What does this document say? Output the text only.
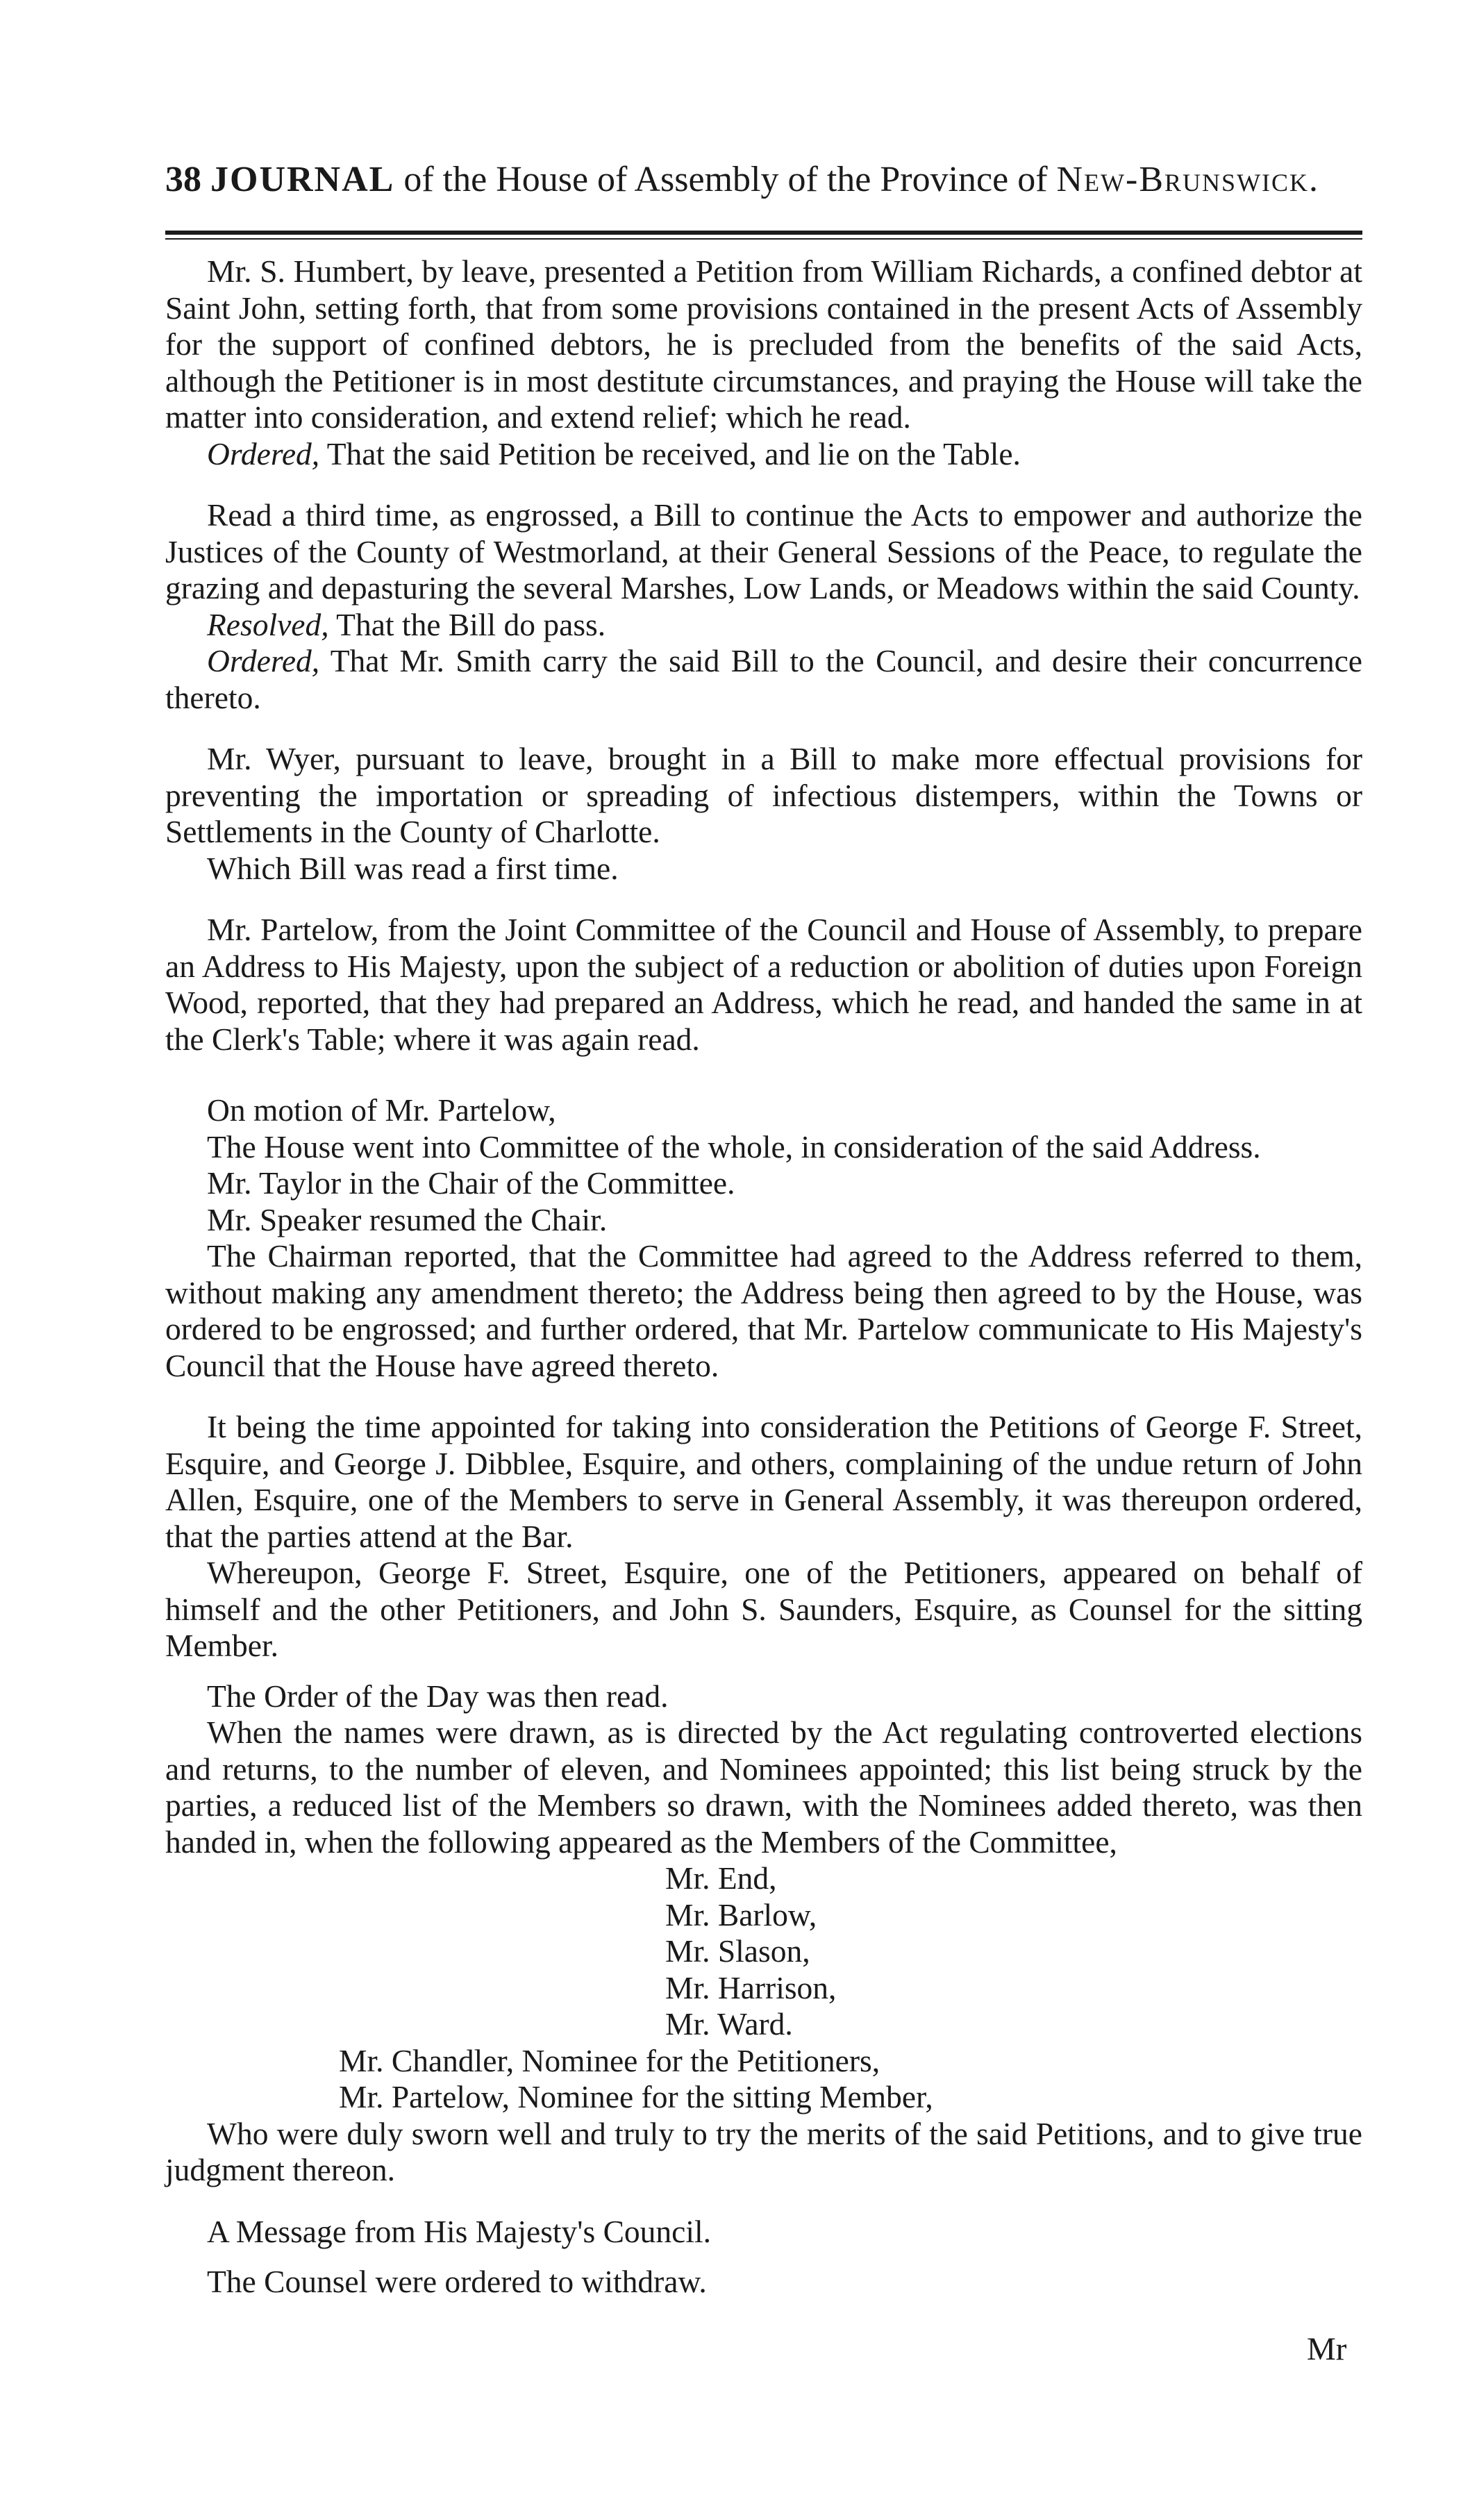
38 JOURNAL of the House of Assembly of the Province of New-Brunswick.

Mr. S. Humbert, by leave, presented a Petition from William Richards, a confined debtor at Saint John, setting forth, that from some provisions contained in the present Acts of Assembly for the support of confined debtors, he is precluded from the benefits of the said Acts, although the Petitioner is in most destitute circumstances, and praying the House will take the matter into consideration, and extend relief; which he read.

Ordered, That the said Petition be received, and lie on the Table.

Read a third time, as engrossed, a Bill to continue the Acts to empower and authorize the Justices of the County of Westmorland, at their General Sessions of the Peace, to regulate the grazing and depasturing the several Marshes, Low Lands, or Meadows within the said County.

Resolved, That the Bill do pass.

Ordered, That Mr. Smith carry the said Bill to the Council, and desire their concurrence thereto.

Mr. Wyer, pursuant to leave, brought in a Bill to make more effectual provisions for preventing the importation or spreading of infectious distempers, within the Towns or Settlements in the County of Charlotte.

Which Bill was read a first time.

Mr. Partelow, from the Joint Committee of the Council and House of Assembly, to prepare an Address to His Majesty, upon the subject of a reduction or abolition of duties upon Foreign Wood, reported, that they had prepared an Address, which he read, and handed the same in at the Clerk's Table; where it was again read.

On motion of Mr. Partelow,

The House went into Committee of the whole, in consideration of the said Address.

Mr. Taylor in the Chair of the Committee.

Mr. Speaker resumed the Chair.

The Chairman reported, that the Committee had agreed to the Address referred to them, without making any amendment thereto; the Address being then agreed to by the House, was ordered to be engrossed; and further ordered, that Mr. Partelow communicate to His Majesty's Council that the House have agreed thereto.

It being the time appointed for taking into consideration the Petitions of George F. Street, Esquire, and George J. Dibblee, Esquire, and others, complaining of the undue return of John Allen, Esquire, one of the Members to serve in General Assembly, it was thereupon ordered, that the parties attend at the Bar.

Whereupon, George F. Street, Esquire, one of the Petitioners, appeared on behalf of himself and the other Petitioners, and John S. Saunders, Esquire, as Counsel for the sitting Member.

The Order of the Day was then read.

When the names were drawn, as is directed by the Act regulating controverted elections and returns, to the number of eleven, and Nominees appointed; this list being struck by the parties, a reduced list of the Members so drawn, with the Nominees added thereto, was then handed in, when the following appeared as the Members of the Committee,

Mr. End,
Mr. Barlow,
Mr. Slason,
Mr. Harrison,
Mr. Ward.
Mr. Chandler, Nominee for the Petitioners,
Mr. Partelow, Nominee for the sitting Member,

Who were duly sworn well and truly to try the merits of the said Petitions, and to give true judgment thereon.

A Message from His Majesty's Council.

The Counsel were ordered to withdraw.

Mr
